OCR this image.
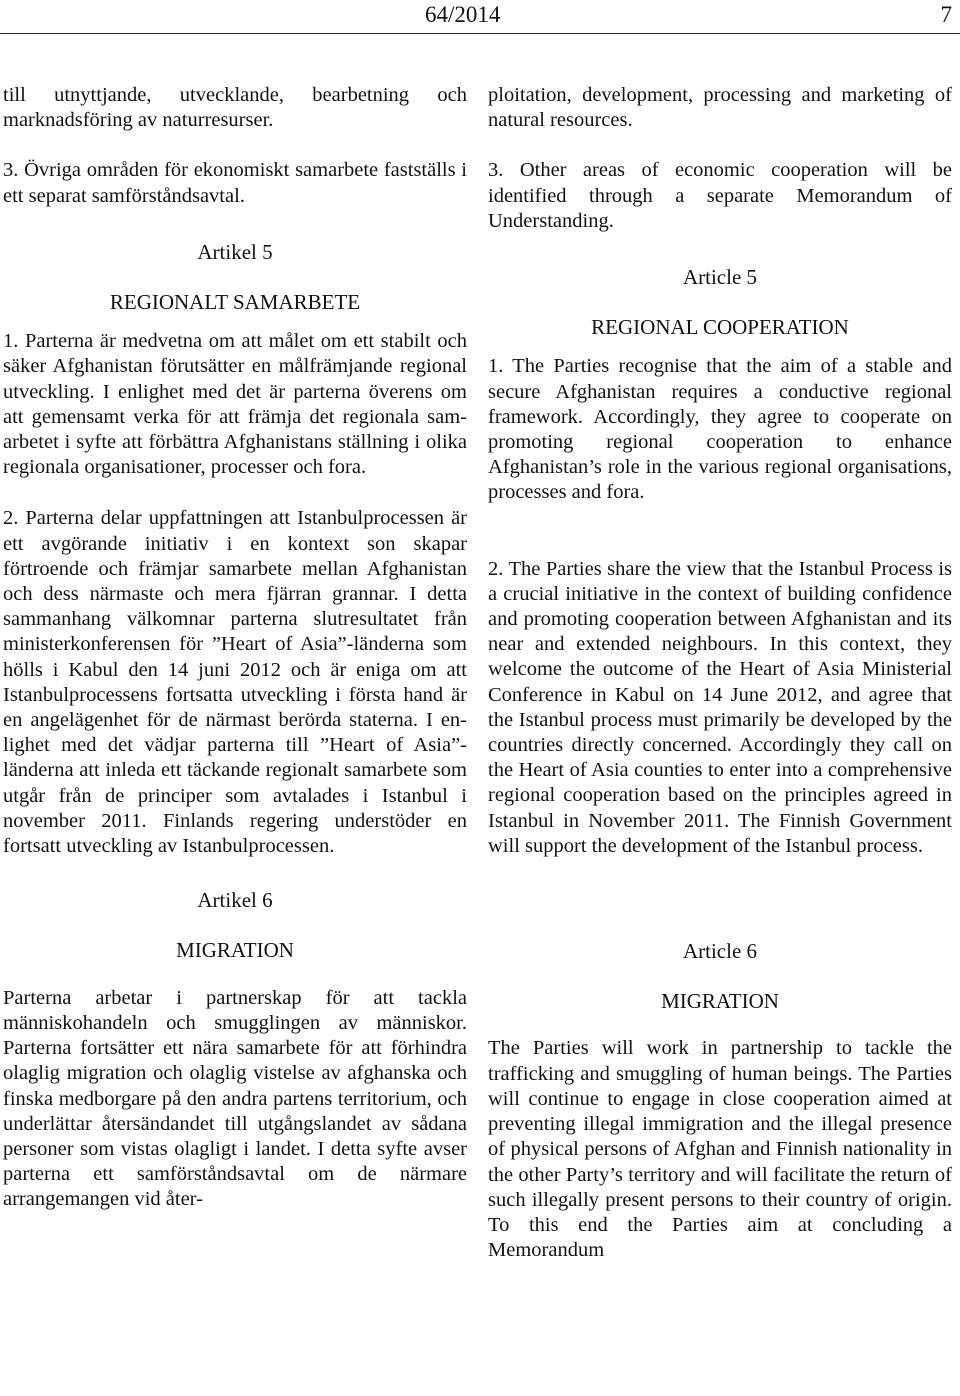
64/2014	7

till utnyttjande, utvecklande, bearbetning och marknadsföring av naturresurser.

3. Övriga områden för ekonomiskt samarbete fastställs i ett separat samförståndsavtal.

Artikel 5
REGIONALT SAMARBETE

1. Parterna är medvetna om att målet om ett stabilt och säker Afghanistan förutsätter en målfrämjande regional utveckling. I enlighet med det är parterna överens om att gemensamt verka för att främja det regionala samarbetet i syfte att förbättra Afghanistans ställning i olika regionala organisationer, processer och fora.

2. Parterna delar uppfattningen att Istanbulprocessen är ett avgörande initiativ i en kontext son skapar förtroende och främjar samarbete mellan Afghanistan och dess närmaste och mera fjärran grannar. I detta sammanhang välkomnar parterna slutresultatet från ministerkonferensen för ”Heart of Asia”-länderna som hölls i Kabul den 14 juni 2012 och är eniga om att Istanbulprocessens fortsatta utveckling i första hand är en angelägenhet för de närmast berörda staterna. I enlighet med det vädjar parterna till ”Heart of Asia”-länderna att inleda ett täckande regionalt samarbete som utgår från de principer som avtalades i Istanbul i november 2011. Finlands regering understöder en fortsatt utveckling av Istanbulprocessen.

Artikel 6
MIGRATION

Parterna arbetar i partnerskap för att tackla människohandeln och smugglingen av människor. Parterna fortsätter ett nära samarbete för att förhindra olaglig migration och olaglig vistelse av afghanska och finska medborgare på den andra partens territorium, och underlättar återsändandet till utgångslandet av sådana personer som vistas olagligt i landet. I detta syfte avser parterna ett samförståndsavtal om de närmare arrangemangen vid åter-

ploitation, development, processing and marketing of natural resources.

3. Other areas of economic cooperation will be identified through a separate Memorandum of Understanding.

Article 5
REGIONAL COOPERATION

1. The Parties recognise that the aim of a stable and secure Afghanistan requires a conductive regional framework. Accordingly, they agree to cooperate on promoting regional cooperation to enhance Afghanistan’s role in the various regional organisations, processes and fora.

2. The Parties share the view that the Istanbul Process is a crucial initiative in the context of building confidence and promoting cooperation between Afghanistan and its near and extended neighbours. In this context, they welcome the outcome of the Heart of Asia Ministerial Conference in Kabul on 14 June 2012, and agree that the Istanbul process must primarily be developed by the countries directly concerned. Accordingly they call on the Heart of Asia counties to enter into a comprehensive regional cooperation based on the principles agreed in Istanbul in November 2011. The Finnish Government will support the development of the Istanbul process.

Article 6
MIGRATION

The Parties will work in partnership to tackle the trafficking and smuggling of human beings. The Parties will continue to engage in close cooperation aimed at preventing illegal immigration and the illegal presence of physical persons of Afghan and Finnish nationality in the other Party’s territory and will facilitate the return of such illegally present persons to their country of origin. To this end the Parties aim at concluding a Memorandum
